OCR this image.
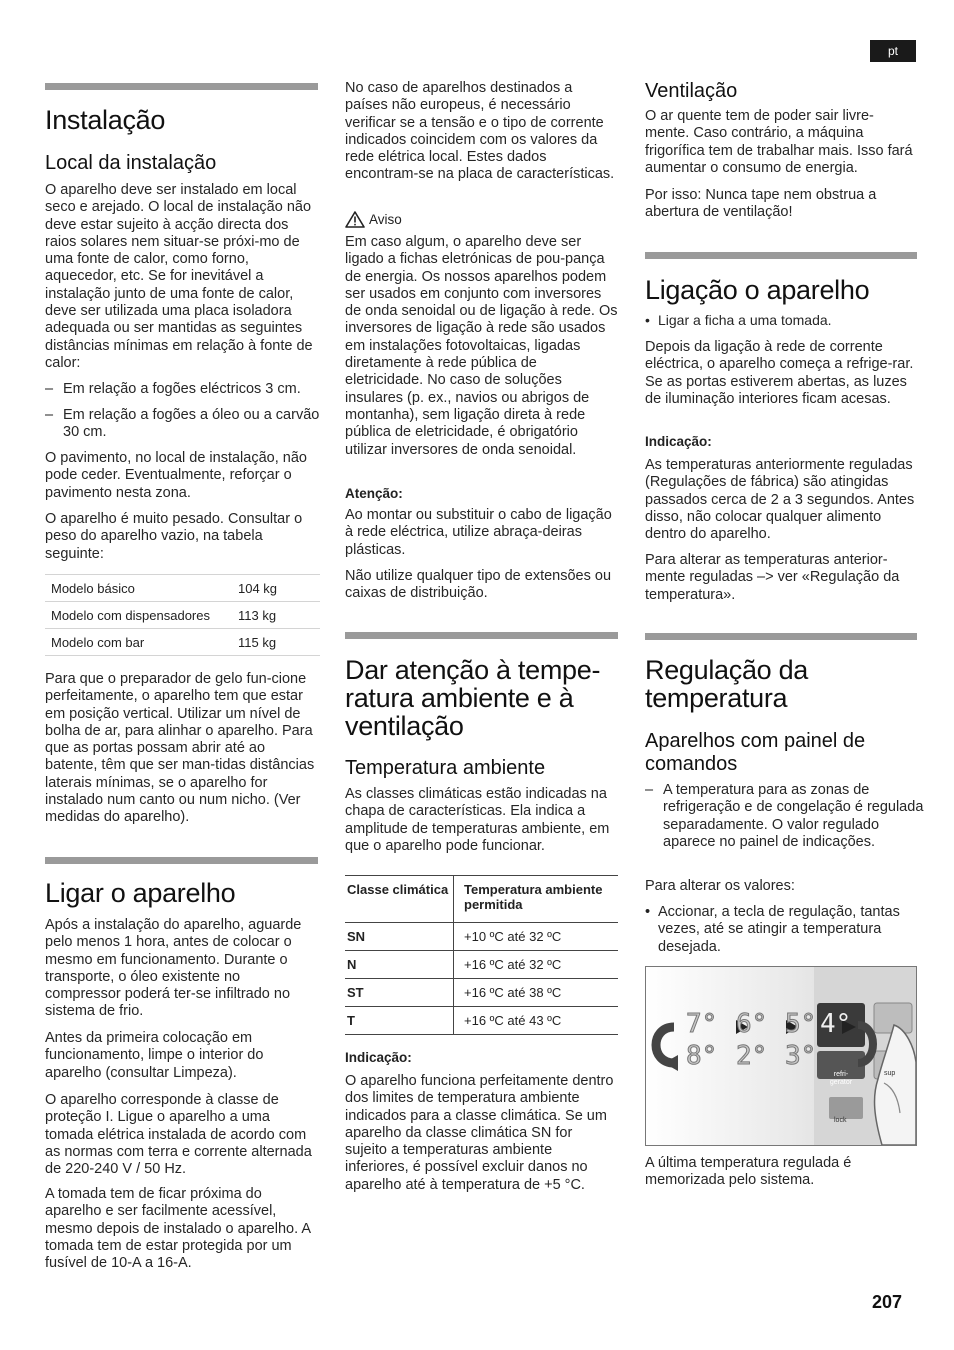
pt
Instalação
Local da instalação

O aparelho deve ser instalado em local seco e arejado. O local de instalação não deve estar sujeito à acção directa dos raios solares nem situar-se próxi-mo de uma fonte de calor, como forno, aquecedor, etc. Se for inevitável a instalação junto de uma fonte de calor, deve ser utilizada uma placa isoladora adequada ou ser mantidas as seguintes distâncias mínimas em relação à fonte de calor:

– Em relação a fogões eléctricos 3 cm.

– Em relação a fogões a óleo ou a carvão 30 cm.

O pavimento, no local de instalação, não pode ceder. Eventualmente, reforçar o pavimento nesta zona.

O aparelho é muito pesado. Consultar o peso do aparelho vazio, na tabela seguinte:

Modelo básico	104 kg
Modelo com dispensadores	113 kg
Modelo com bar	115 kg

Para que o preparador de gelo fun-cione perfeitamente, o aparelho tem que estar em posição vertical. Utilizar um nível de bolha de ar, para alinhar o aparelho. Para que as portas possam abrir até ao batente, têm que ser man-tidas distâncias laterais mínimas, se o aparelho for instalado num canto ou num nicho. (Ver medidas do aparelho).

Ligar o aparelho

Após a instalação do aparelho, aguarde pelo menos 1 hora, antes de colocar o mesmo em funcionamento. Durante o transporte, o óleo existente no compressor poderá ter-se infiltrado no sistema de frio.

Antes da primeira colocação em funcionamento, limpe o interior do aparelho (consultar Limpeza).

O aparelho corresponde à classe de proteção I. Ligue o aparelho a uma tomada elétrica instalada de acordo com as normas com terra e corrente alternada de 220-240 V / 50 Hz.

A tomada tem de ficar próxima do aparelho e ser facilmente acessível, mesmo depois de instalado o aparelho. A tomada tem de estar protegida por um fusível de 10-A a 16-A.

No caso de aparelhos destinados a países não europeus, é necessário verificar se a tensão e o tipo de corrente indicados coincidem com os valores da rede elétrica local. Estes dados encontram-se na placa de características.

Aviso

Em caso algum, o aparelho deve ser ligado a fichas eletrónicas de pou-pança de energia. Os nossos aparelhos podem ser usados em conjunto com inversores de onda senoidal ou de ligação à rede. Os inversores de ligação à rede são usados em instalações fotovoltaicas, ligadas diretamente à rede pública de eletricidade. No caso de soluções insulares (p. ex., navios ou abrigos de montanha), sem ligação direta à rede pública de eletricidade, é obrigatório utilizar inversores de onda senoidal.

Atenção:

Ao montar ou substituir o cabo de ligação à rede eléctrica, utilize abraça-deiras plásticas.

Não utilize qualquer tipo de extensões ou caixas de distribuição.

Dar atenção à tempe-ratura ambiente e à ventilação
Temperatura ambiente

As classes climáticas estão indicadas na chapa de características. Ela indica a amplitude de temperaturas ambiente, em que o aparelho pode funcionar.

Classe climática	Temperatura ambiente permitida
SN	+10 ºC até 32 ºC
N	+16 ºC até 32 ºC
ST	+16 ºC até 38 ºC
T	+16 ºC até 43 ºC
Indicação:

O aparelho funciona perfeitamente dentro dos limites de temperatura ambiente indicados para a classe climática. Se um aparelho da classe climática SN for sujeito a temperaturas ambiente inferiores, é possível excluir danos no aparelho até à temperatura de +5 °C.

Ventilação

O ar quente tem de poder sair livre-mente. Caso contrário, a máquina frigorífica tem de trabalhar mais. Isso fará aumentar o consumo de energia.

Por isso: Nunca tape nem obstrua a abertura de ventilação!

Ligação o aparelho
• Ligar a ficha a uma tomada.

Depois da ligação à rede de corrente eléctrica, o aparelho começa a refrige-rar. Se as portas estiverem abertas, as luzes de iluminação interiores ficam acesas.

Indicação:

As temperaturas anteriormente reguladas (Regulações de fábrica) são atingidas passados cerca de 2 a 3 segundos. Antes disso, não colocar qualquer alimento dentro do aparelho.

Para alterar as temperaturas anterior-mente reguladas –> ver «Regulação da temperatura».

Regulação da temperatura
Aparelhos com painel de comandos
– A temperatura para as zonas de refrigeração e de congelação é regulada separadamente. O valor regulado aparece no painel de indicações.

Para alterar os valores:

• Accionar, a tecla de regulação, tantas vezes, até se atingir a temperatura desejada.

A última temperatura regulada é memorizada pelo sistema.

7° 6° 5° 4°
8° 2° 3°
refri-gerator
lock
sup
207
